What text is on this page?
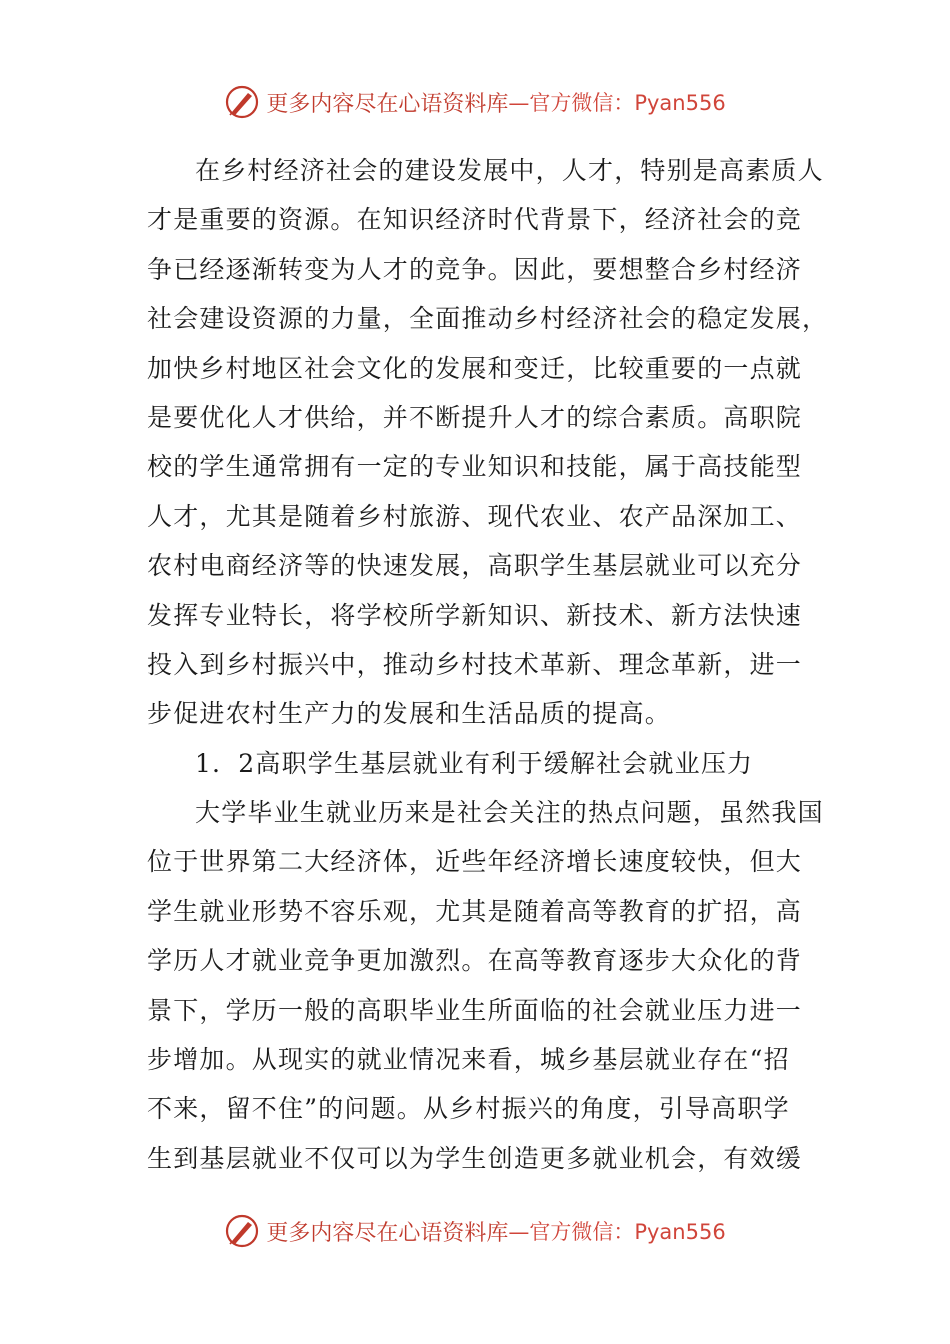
更多内容尽在心语资料库 —官方微信：Pyan556
在乡村经济社会的建设发展中，人才，特别是高素质人
才是重要的资源。在知识经济时代背景下，经济社会的竞
争已经逐渐转变为人才的竞争。因此，要想整合乡村经济
社会建设资源的力量，全面推动乡村经济社会的稳定发展，
加快乡村地区社会文化的发展和变迁，比较重要的一点就
是要优化人才供给，并不断提升人才的综合素质。高职院
校的学生通常拥有一定的专业知识和技能，属于高技能型
人才，尤其是随着乡村旅游、现代农业、农产品深加工、
农村电商经济等的快速发展，高职学生基层就业可以充分
发挥专业特长，将学校所学新知识、新技术、新方法快速
投入到乡村振兴中，推动乡村技术革新、理念革新，进一
步促进农村生产力的发展和生活品质的提高。
1．2高职学生基层就业有利于缓解社会就业压力
大学毕业生就业历来是社会关注的热点问题，虽然我国
位于世界第二大经济体，近些年经济增长速度较快，但大
学生就业形势不容乐观，尤其是随着高等教育的扩招，高
学历人才就业竞争更加激烈。在高等教育逐步大众化的背
景下，学历一般的高职毕业生所面临的社会就业压力进一
步增加。从现实的就业情况来看，城乡基层就业存在“招
不来，留不住”的问题。从乡村振兴的角度，引导高职学
生到基层就业不仅可以为学生创造更多就业机会，有效缓
更多内容尽在心语资料库 —官方微信：Pyan556
